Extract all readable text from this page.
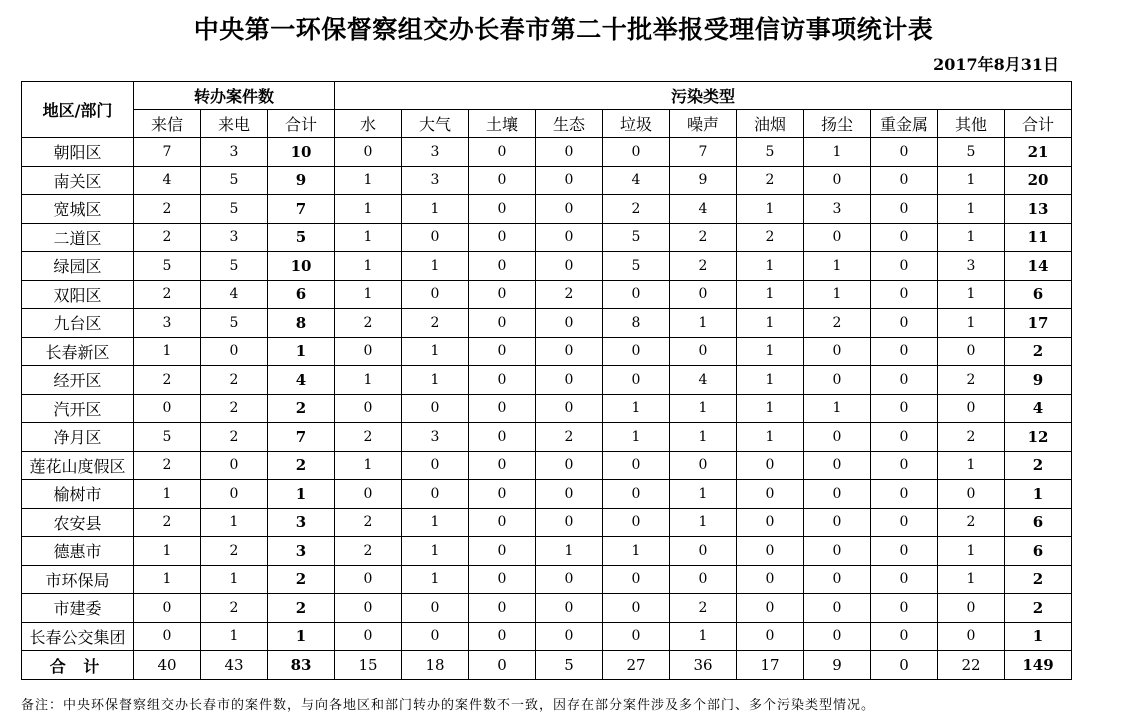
中央第一环保督察组交办长春市第二十批举报受理信访事项统计表
2017年8月31日
地区/部门	转办案件数			污染类型										
	来信	来电	合计	水	大气	土壤	生态	垃圾	噪声	油烟	扬尘	重金属	其他	合计
朝阳区	7	3	10	0	3	0	0	0	7	5	1	0	5	21
南关区	4	5	9	1	3	0	0	4	9	2	0	0	1	20
宽城区	2	5	7	1	1	0	0	2	4	1	3	0	1	13
二道区	2	3	5	1	0	0	0	5	2	2	0	0	1	11
绿园区	5	5	10	1	1	0	0	5	2	1	1	0	3	14
双阳区	2	4	6	1	0	0	2	0	0	1	1	0	1	6
九台区	3	5	8	2	2	0	0	8	1	1	2	0	1	17
长春新区	1	0	1	0	1	0	0	0	0	1	0	0	0	2
经开区	2	2	4	1	1	0	0	0	4	1	0	0	2	9
汽开区	0	2	2	0	0	0	0	1	1	1	1	0	0	4
净月区	5	2	7	2	3	0	2	1	1	1	0	0	2	12
莲花山度假区	2	0	2	1	0	0	0	0	0	0	0	0	1	2
榆树市	1	0	1	0	0	0	0	0	1	0	0	0	0	1
农安县	2	1	3	2	1	0	0	0	1	0	0	0	2	6
德惠市	1	2	3	2	1	0	1	1	0	0	0	0	1	6
市环保局	1	1	2	0	1	0	0	0	0	0	0	0	1	2
市建委	0	2	2	0	0	0	0	0	2	0	0	0	0	2
长春公交集团	0	1	1	0	0	0	0	0	1	0	0	0	0	1
合 计	40	43	83	15	18	0	5	27	36	17	9	0	22	149
备注：中央环保督察组交办长春市的案件数，与向各地区和部门转办的案件数不一致，因存在部分案件涉及多个部门、多个污染类型情况。
